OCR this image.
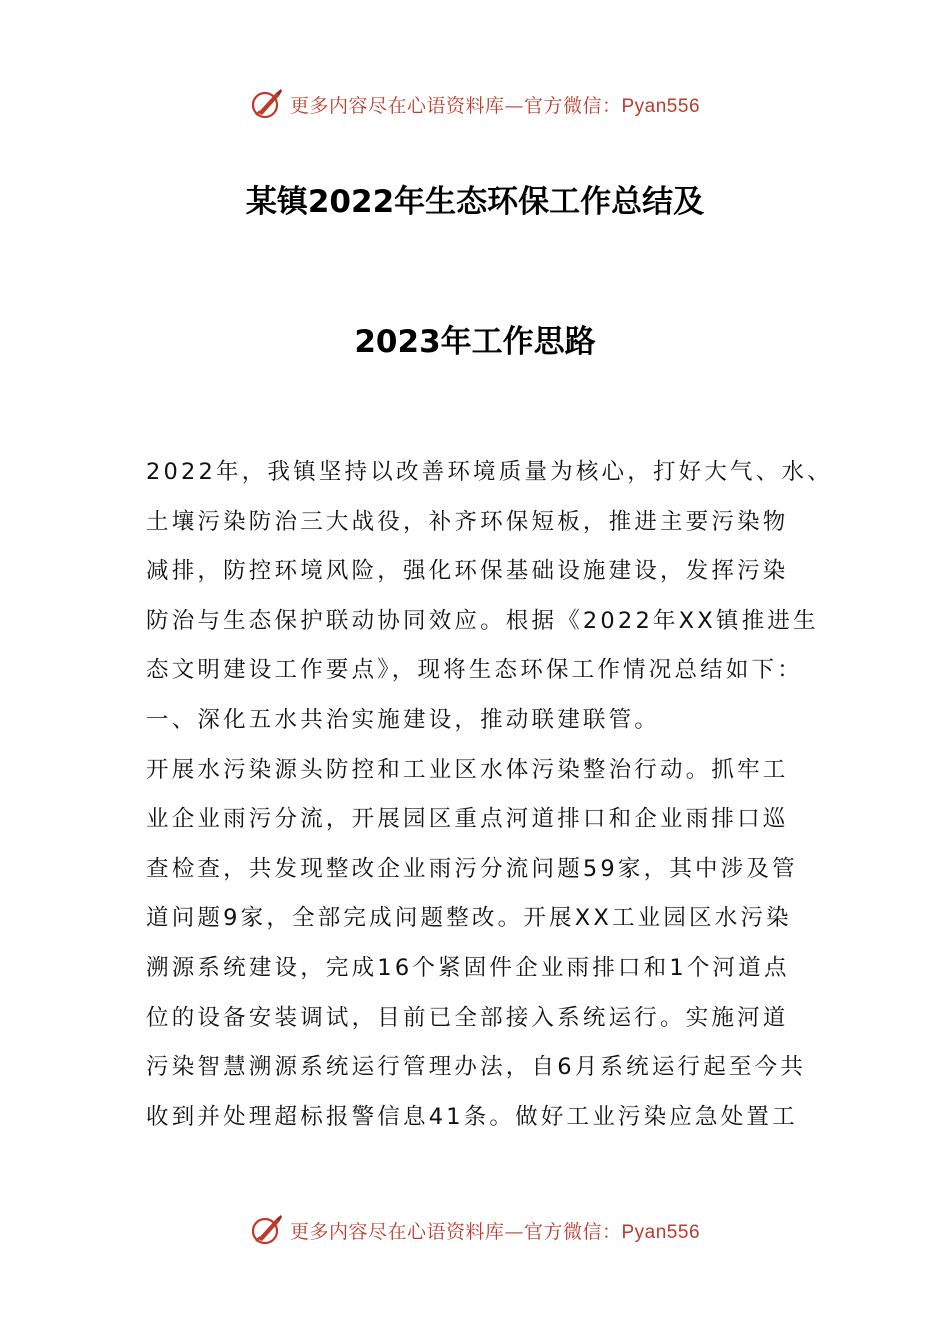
更多内容尽在心语资料库—官方微信：Pyan556
某镇2022年生态环保工作总结及
2023年工作思路
2022年，我镇坚持以改善环境质量为核心，打好大气、水、
土壤污染防治三大战役，补齐环保短板，推进主要污染物
减排，防控环境风险，强化环保基础设施建设，发挥污染
防治与生态保护联动协同效应。根据《2022年XX镇推进生
态文明建设工作要点》，现将生态环保工作情况总结如下：
一、深化五水共治实施建设，推动联建联管。
开展水污染源头防控和工业区水体污染整治行动。抓牢工
业企业雨污分流，开展园区重点河道排口和企业雨排口巡
查检查，共发现整改企业雨污分流问题59家，其中涉及管
道问题9家，全部完成问题整改。开展XX工业园区水污染
溯源系统建设，完成16个紧固件企业雨排口和1个河道点
位的设备安装调试，目前已全部接入系统运行。实施河道
污染智慧溯源系统运行管理办法，自6月系统运行起至今共
收到并处理超标报警信息41条。做好工业污染应急处置工
更多内容尽在心语资料库—官方微信：Pyan556
